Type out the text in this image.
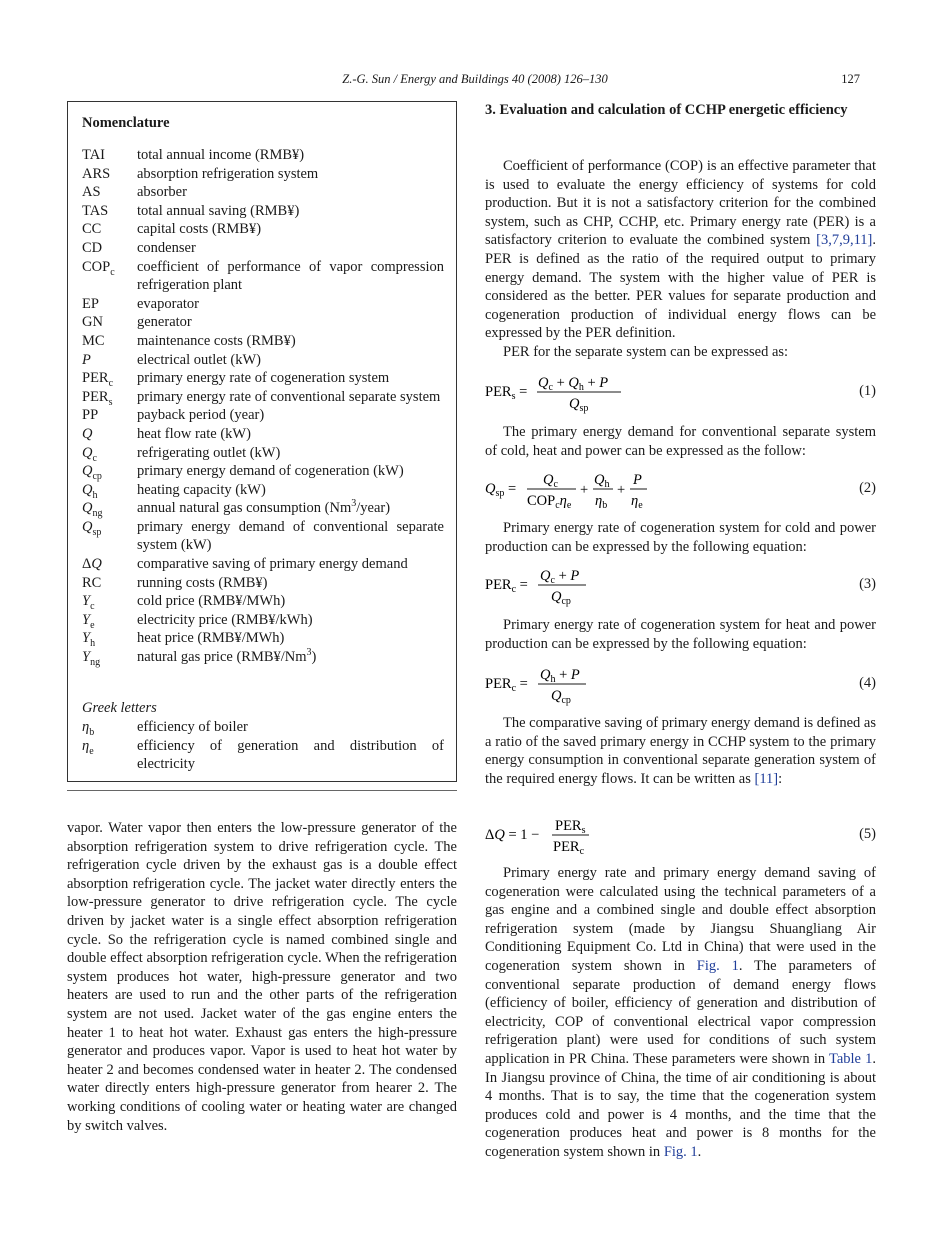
Z.-G. Sun / Energy and Buildings 40 (2008) 126–130	127
Nomenclature
TAI	total annual income (RMB¥)
ARS	absorption refrigeration system
AS	absorber
TAS	total annual saving (RMB¥)
CC	capital costs (RMB¥)
CD	condenser
$COP_c$	coefficient of performance of vapor compression refrigeration plant
EP	evaporator
GN	generator
MC	maintenance costs (RMB¥)
P	electrical outlet (kW)
$PER_c$	primary energy rate of cogeneration system
$PER_s$	primary energy rate of conventional separate system
PP	payback period (year)
Q	heat flow rate (kW)
$Q_c$	refrigerating outlet (kW)
$Q_{cp}$	primary energy demand of cogeneration (kW)
$Q_h$	heating capacity (kW)
$Q_{ng}$	annual natural gas consumption (Nm$^3$/year)
$Q_{sp}$	primary energy demand of conventional separate system (kW)
ΔQ	comparative saving of primary energy demand
RC	running costs (RMB¥)
$Y_c$	cold price (RMB¥/MWh)
$Y_e$	electricity price (RMB¥/kWh)
$Y_h$	heat price (RMB¥/MWh)
$Y_{ng}$	natural gas price (RMB¥/Nm$^3$)
Greek letters
$\eta_b$	efficiency of boiler
$\eta_e$	efficiency of generation and distribution of electricity
vapor. Water vapor then enters the low-pressure generator of the absorption refrigeration system to drive refrigeration cycle. The refrigeration cycle driven by the exhaust gas is a double effect absorption refrigeration cycle. The jacket water directly enters the low-pressure generator to drive refrigeration cycle. The cycle driven by jacket water is a single effect absorption refrigeration cycle. So the refrigeration cycle is named combined single and double effect absorption refrigeration cycle. When the refrigeration system produces hot water, high-pressure generator and two heaters are used to run and the other parts of the refrigeration system are not used. Jacket water of the gas engine enters the heater 1 to heat hot water. Exhaust gas enters the high-pressure generator and produces vapor. Vapor is used to heat hot water by heater 2 and becomes condensed water in heater 2. The condensed water directly enters high-pressure generator from hearer 2. The working conditions of cooling water or heating water are changed by switch valves.
3. Evaluation and calculation of CCHP energetic efficiency

Coefficient of performance (COP) is an effective parameter that is used to evaluate the energy efficiency of systems for cold production. But it is not a satisfactory criterion for the combined system, such as CHP, CCHP, etc. Primary energy rate (PER) is a satisfactory criterion to evaluate the combined system [3,7,9,11]. PER is defined as the ratio of the required output to primary energy demand. The system with the higher value of PER is considered as the better. PER values for separate production and cogeneration production of individual energy flows can be expressed by the PER definition.

PER for the separate system can be expressed as:

$PER_s$ =
$Q_c + Q_h + P$
$Q_{sp}$
(1)

The primary energy demand for conventional separate system of cold, heat and power can be expressed as the follow:

$Q_{sp}$ =
$Q_c$
$COP_c\eta_e$
+
$Q_h$
$\eta_b$
+
P
$\eta_e$
(2)

Primary energy rate of cogeneration system for cold and power production can be expressed by the following equation:

$PER_c$ =
$Q_c + P$
$Q_{cp}$
(3)

Primary energy rate of cogeneration system for heat and power production can be expressed by the following equation:

$PER_c$ =
$Q_h + P$
$Q_{cp}$
(4)

The comparative saving of primary energy demand is defined as a ratio of the saved primary energy in CCHP system to the primary energy consumption in conventional separate generation system of the required energy flows. It can be written as [11]:

ΔQ = 1 −
$PER_s$
$PER_c$
(5)

Primary energy rate and primary energy demand saving of cogeneration were calculated using the technical parameters of a gas engine and a combined single and double effect absorption refrigeration system (made by Jiangsu Shuangliang Air Conditioning Equipment Co. Ltd in China) that were used in the cogeneration system shown in Fig. 1. The parameters of conventional separate production of demand energy flows (efficiency of boiler, efficiency of generation and distribution of electricity, COP of conventional electrical vapor compression refrigeration plant) were used for conditions of such system application in PR China. These parameters were shown in Table 1. In Jiangsu province of China, the time of air conditioning is about 4 months. That is to say, the time that the cogeneration system produces cold and power is 4 months, and the time that the cogeneration produces heat and power is 8 months for the cogeneration system shown in Fig. 1.
